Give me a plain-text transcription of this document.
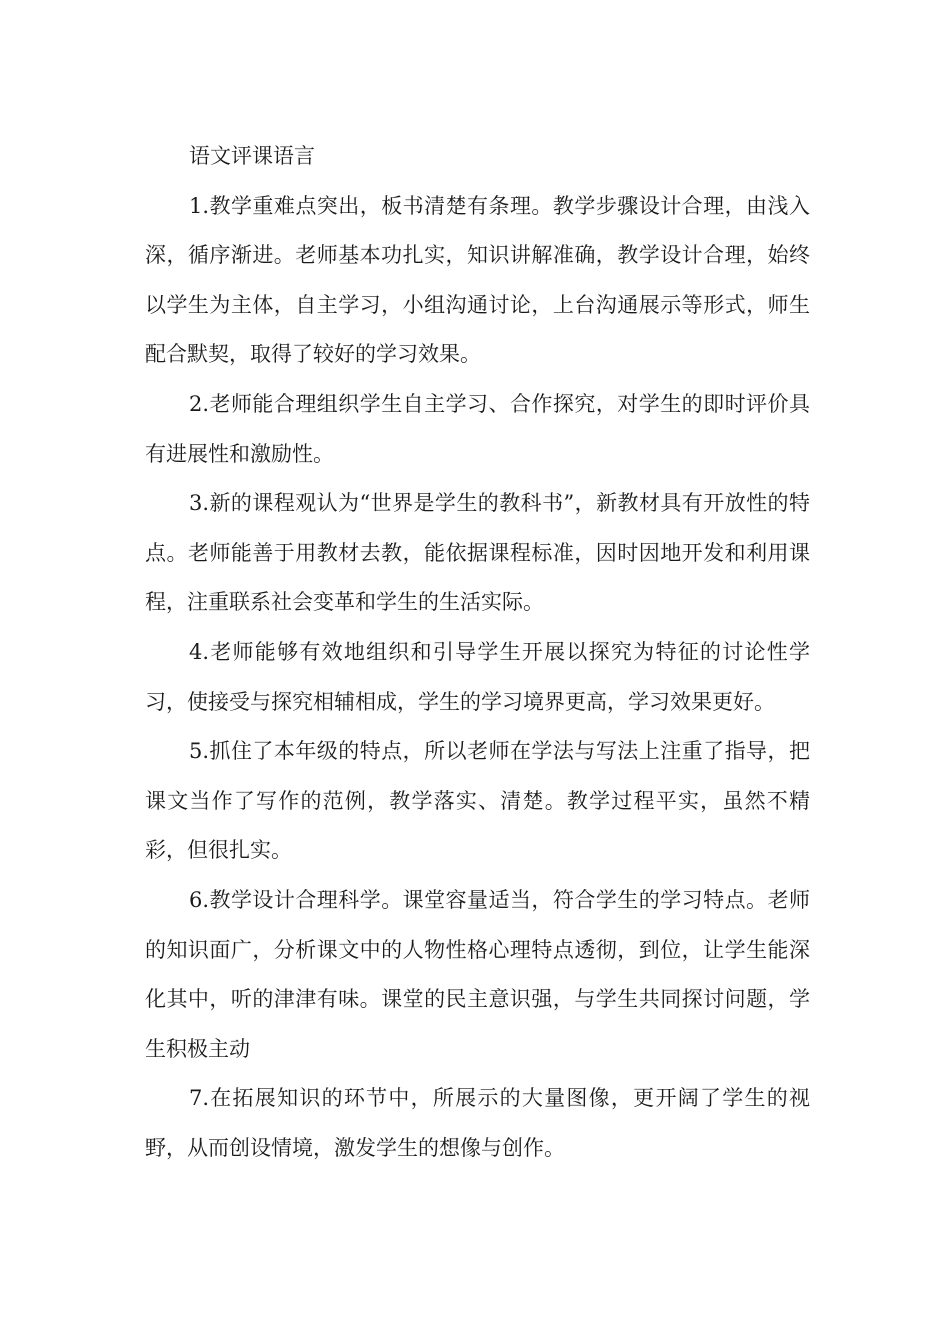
语文评课语言

1.教学重难点突出，板书清楚有条理。教学步骤设计合理，由浅入深，循序渐进。老师基本功扎实，知识讲解准确，教学设计合理，始终以学生为主体，自主学习，小组沟通讨论，上台沟通展示等形式，师生配合默契，取得了较好的学习效果。

2.老师能合理组织学生自主学习、合作探究，对学生的即时评价具有进展性和激励性。

3.新的课程观认为“世界是学生的教科书”，新教材具有开放性的特点。老师能善于用教材去教，能依据课程标准，因时因地开发和利用课程，注重联系社会变革和学生的生活实际。

4.老师能够有效地组织和引导学生开展以探究为特征的讨论性学习，使接受与探究相辅相成，学生的学习境界更高，学习效果更好。

5.抓住了本年级的特点，所以老师在学法与写法上注重了指导，把课文当作了写作的范例，教学落实、清楚。教学过程平实，虽然不精彩，但很扎实。

6.教学设计合理科学。课堂容量适当，符合学生的学习特点。老师的知识面广，分析课文中的人物性格心理特点透彻，到位，让学生能深化其中，听的津津有味。课堂的民主意识强，与学生共同探讨问题，学生积极主动

7.在拓展知识的环节中，所展示的大量图像，更开阔了学生的视野，从而创设情境，激发学生的想像与创作。
